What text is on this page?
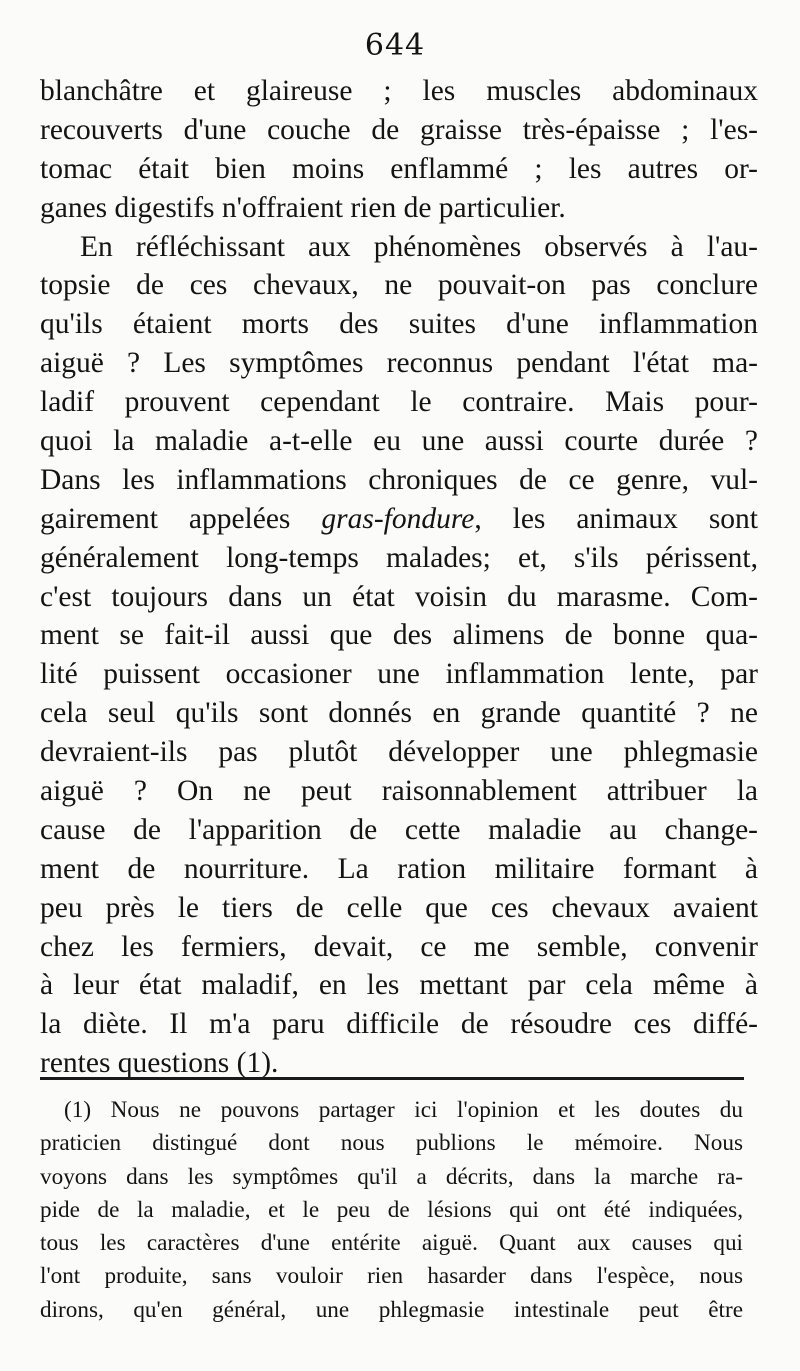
644
blanchâtre et glaireuse ; les muscles abdominaux
recouverts d'une couche de graisse très-épaisse ; l'es-
tomac était bien moins enflammé ; les autres or-
ganes digestifs n'offraient rien de particulier.
En réfléchissant aux phénomènes observés à l'au-
topsie de ces chevaux, ne pouvait-on pas conclure
qu'ils étaient morts des suites d'une inflammation
aiguë ? Les symptômes reconnus pendant l'état ma-
ladif prouvent cependant le contraire. Mais pour-
quoi la maladie a-t-elle eu une aussi courte durée ?
Dans les inflammations chroniques de ce genre, vul-
gairement appelées gras-fondure, les animaux sont
généralement long-temps malades; et, s'ils périssent,
c'est toujours dans un état voisin du marasme. Com-
ment se fait-il aussi que des alimens de bonne qua-
lité puissent occasioner une inflammation lente, par
cela seul qu'ils sont donnés en grande quantité ? ne
devraient-ils pas plutôt développer une phlegmasie
aiguë ? On ne peut raisonnablement attribuer la
cause de l'apparition de cette maladie au change-
ment de nourriture. La ration militaire formant à
peu près le tiers de celle que ces chevaux avaient
chez les fermiers, devait, ce me semble, convenir
à leur état maladif, en les mettant par cela même à
la diète. Il m'a paru difficile de résoudre ces diffé-
rentes questions (1).
(1) Nous ne pouvons partager ici l'opinion et les doutes du
praticien distingué dont nous publions le mémoire. Nous
voyons dans les symptômes qu'il a décrits, dans la marche ra-
pide de la maladie, et le peu de lésions qui ont été indiquées,
tous les caractères d'une entérite aiguë. Quant aux causes qui
l'ont produite, sans vouloir rien hasarder dans l'espèce, nous
dirons, qu'en général, une phlegmasie intestinale peut être
